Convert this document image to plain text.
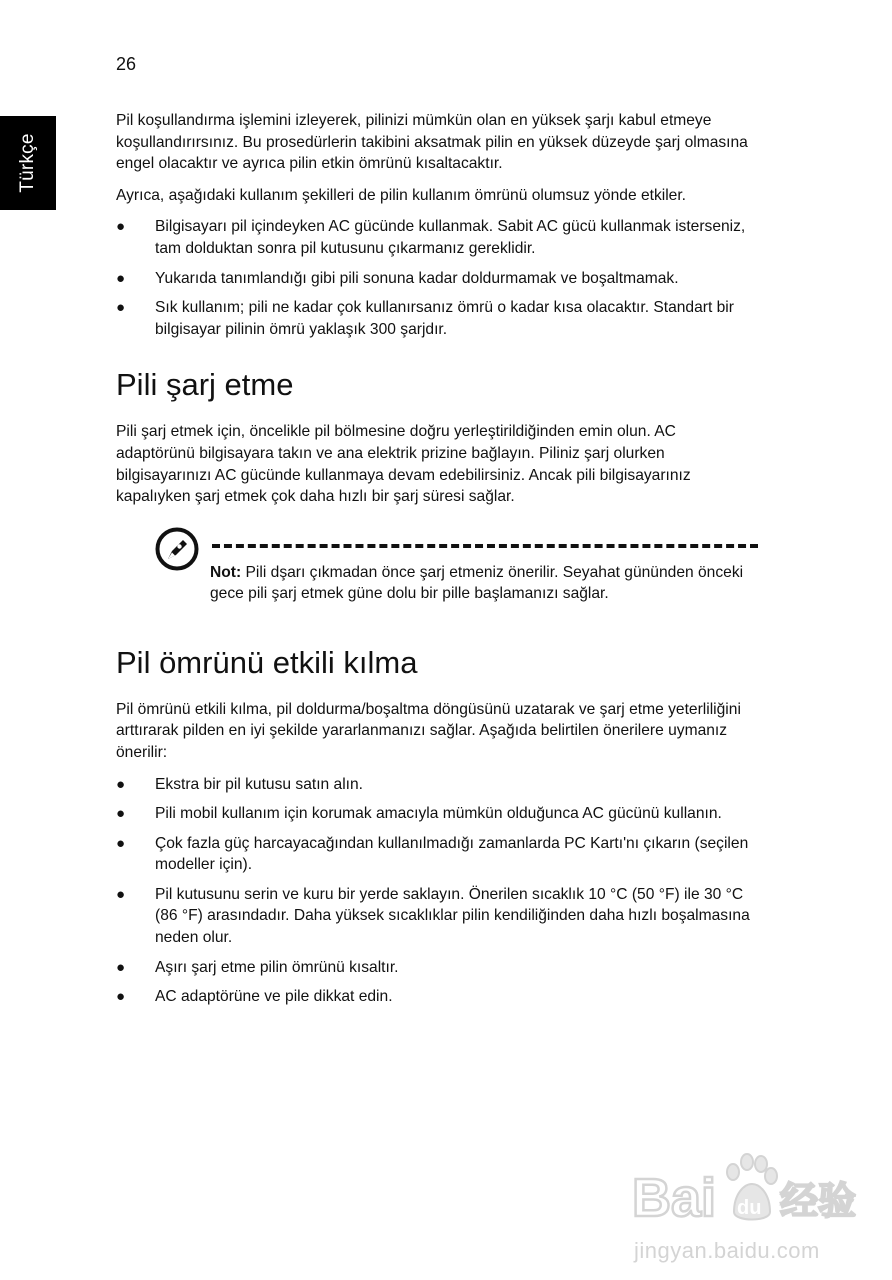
26
Türkçe

Pil koşullandırma işlemini izleyerek, pilinizi mümkün olan en yüksek şarjı kabul etmeye koşullandırırsınız. Bu prosedürlerin takibini aksatmak pilin en yüksek düzeyde şarj olmasına engel olacaktır ve ayrıca pilin etkin ömrünü kısaltacaktır.

Ayrıca, aşağıdaki kullanım şekilleri de pilin kullanım ömrünü olumsuz yönde etkiler.

● Bilgisayarı pil içindeyken AC gücünde kullanmak. Sabit AC gücü kullanmak isterseniz, tam dolduktan sonra pil kutusunu çıkarmanız gereklidir.
● Yukarıda tanımlandığı gibi pili sonuna kadar doldurmamak ve boşaltmamak.
● Sık kullanım; pili ne kadar çok kullanırsanız ömrü o kadar kısa olacaktır. Standart bir bilgisayar pilinin ömrü yaklaşık 300 şarjdır.
Pili şarj etme

Pili şarj etmek için, öncelikle pil bölmesine doğru yerleştirildiğinden emin olun. AC adaptörünü bilgisayara takın ve ana elektrik prizine bağlayın. Piliniz şarj olurken bilgisayarınızı AC gücünde kullanmaya devam edebilirsiniz. Ancak pili bilgisayarınız kapalıyken şarj etmek çok daha hızlı bir şarj süresi sağlar.

Not: Pili dşarı çıkmadan önce şarj etmeniz önerilir. Seyahat gününden önceki gece pili şarj etmek güne dolu bir pille başlamanızı sağlar.

Pil ömrünü etkili kılma

Pil ömrünü etkili kılma, pil doldurma/boşaltma döngüsünü uzatarak ve şarj etme yeterliliğini arttırarak pilden en iyi şekilde yararlanmanızı sağlar. Aşağıda belirtilen önerilere uymanız önerilir:

● Ekstra bir pil kutusu satın alın.
● Pili mobil kullanım için korumak amacıyla mümkün olduğunca AC gücünü kullanın.
● Çok fazla güç harcayacağından kullanılmadığı zamanlarda PC Kartı'nı çıkarın (seçilen modeller için).
● Pil kutusunu serin ve kuru bir yerde saklayın. Önerilen sıcaklık 10 °C (50 °F) ile 30 °C (86 °F) arasındadır. Daha yüksek sıcaklıklar pilin kendiliğinden daha hızlı boşalmasına neden olur.
● Aşırı şarj etme pilin ömrünü kısaltır.
● AC adaptörüne ve pile dikkat edin.
Bai du 经验
jingyan.baidu.com
